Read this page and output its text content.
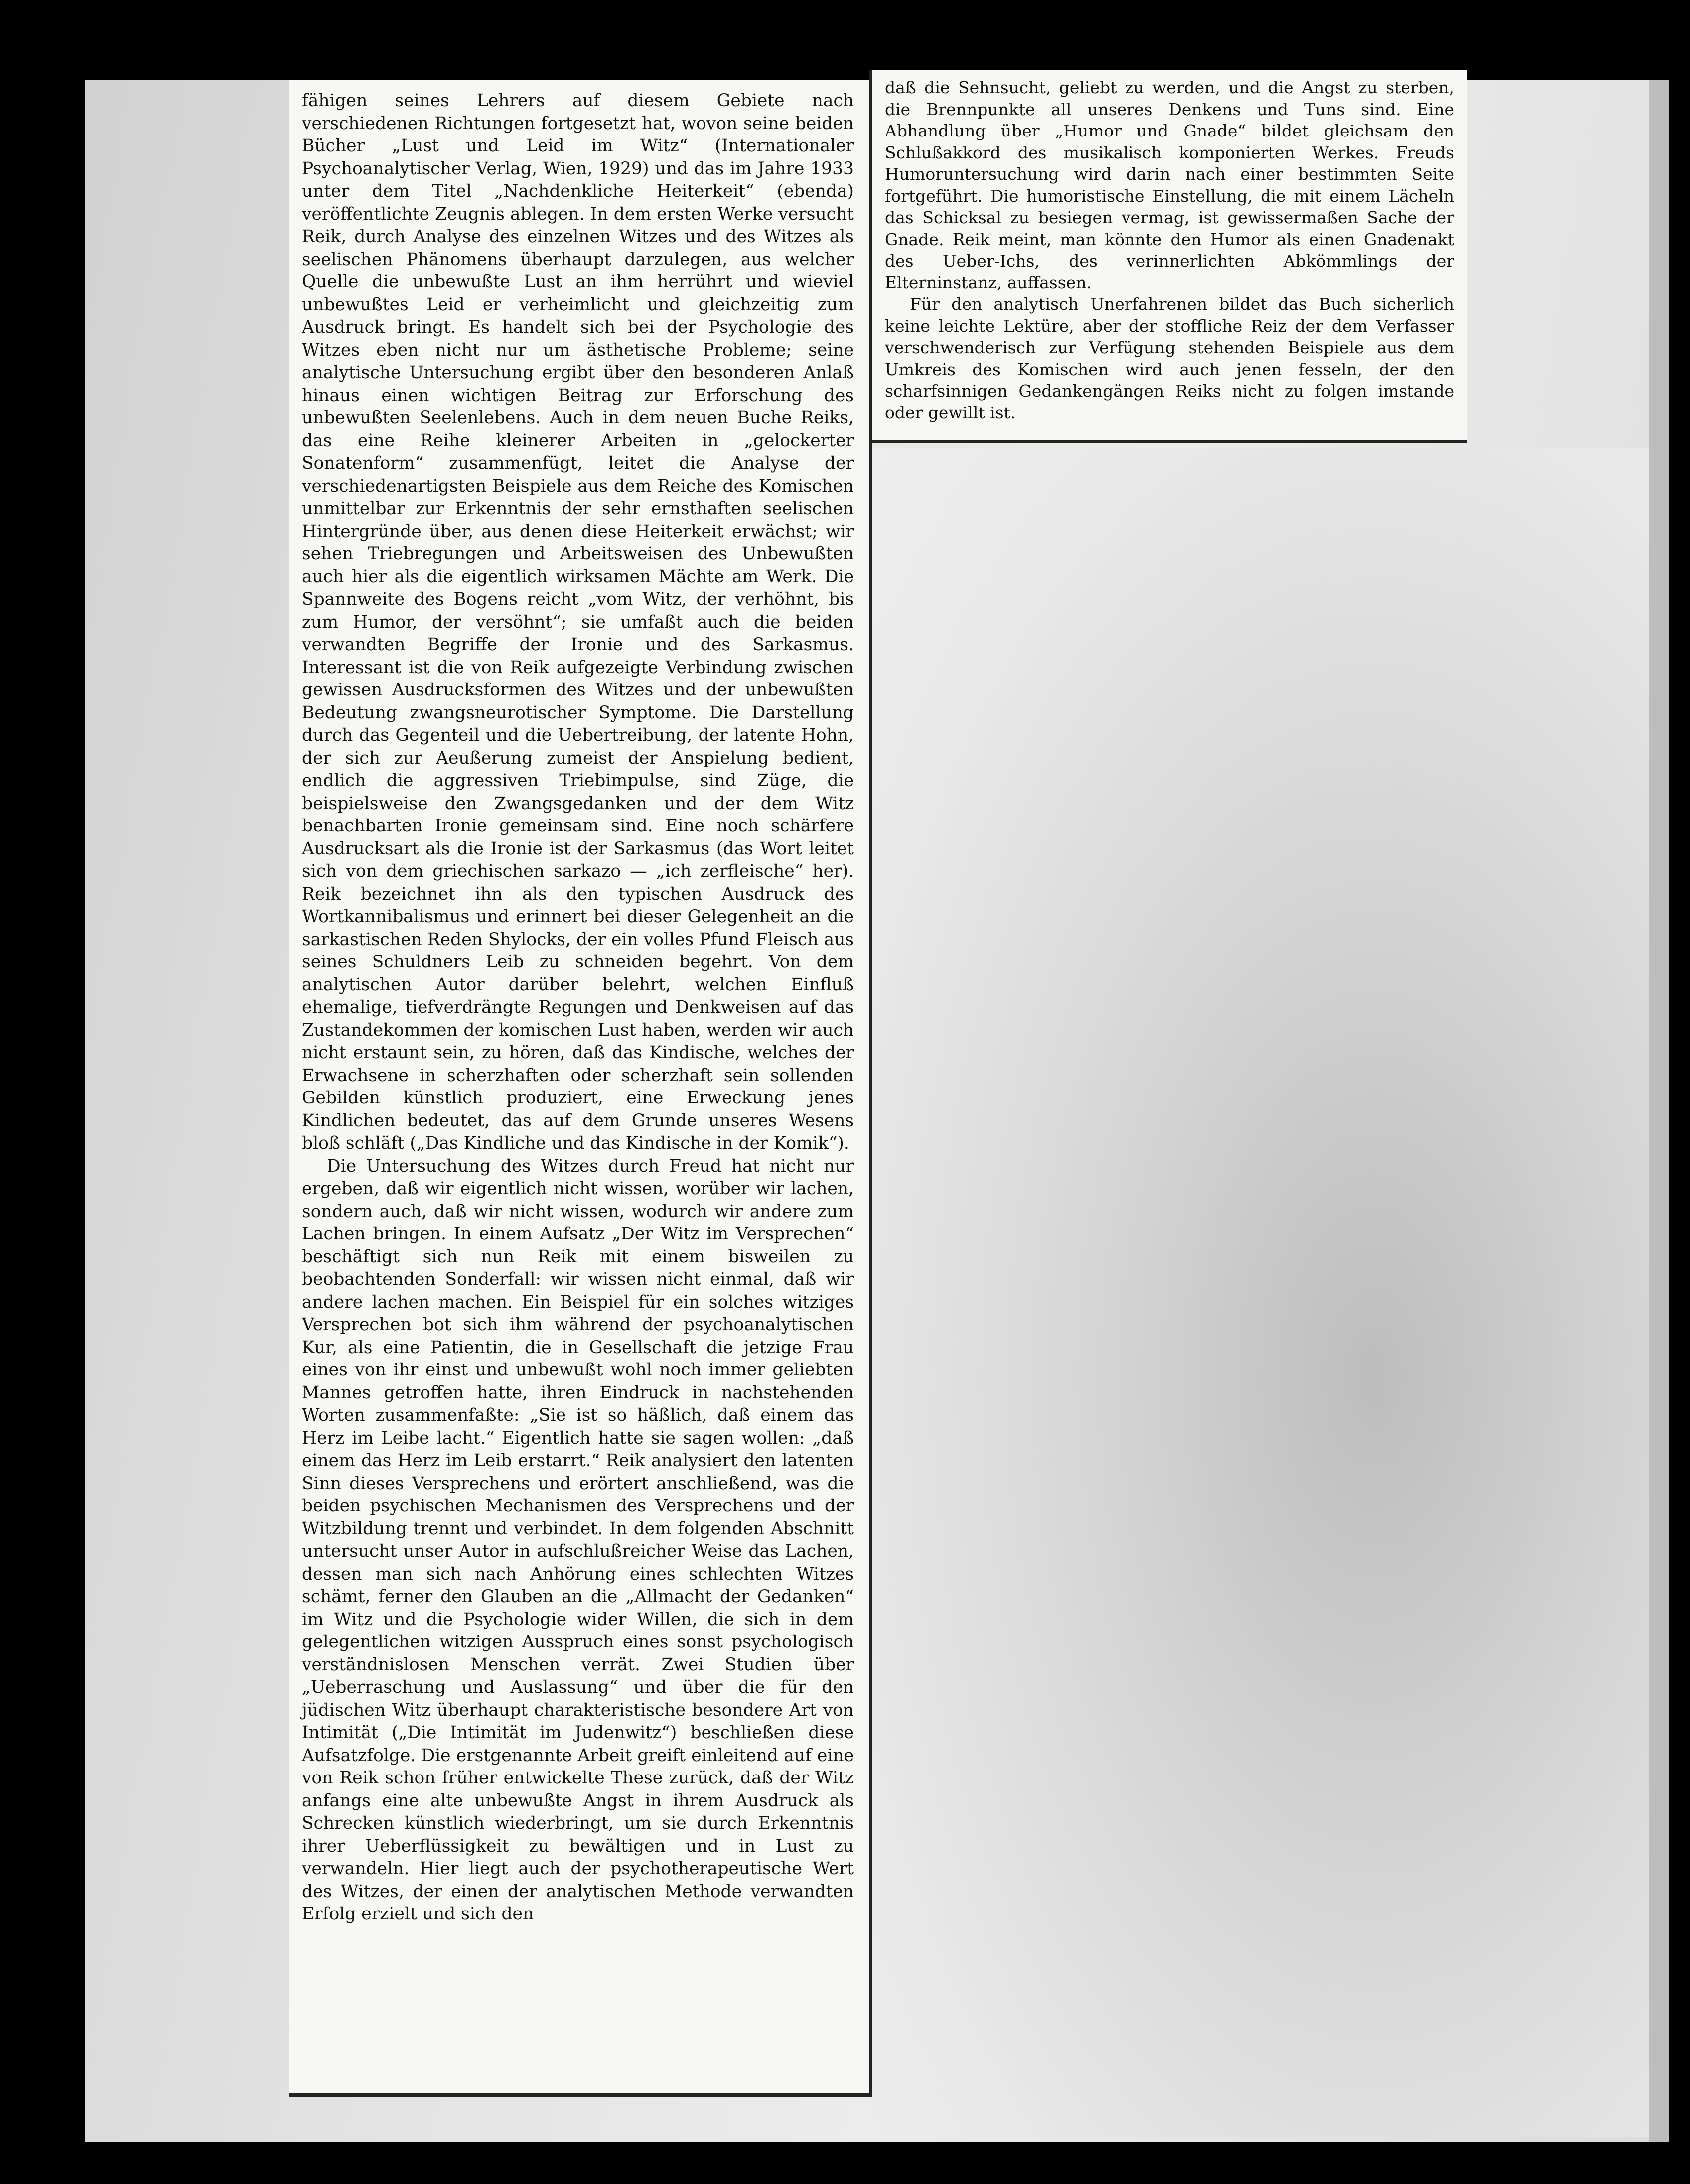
fähigen seines Lehrers auf diesem Gebiete nach verschiedenen Richtungen fortgesetzt hat, wovon seine beiden Bücher „Lust und Leid im Witz“ (Internationaler Psychoanalytischer Verlag, Wien, 1929) und das im Jahre 1933 unter dem Titel „Nachdenkliche Heiterkeit“ (ebenda) veröffentlichte Zeugnis ablegen. In dem ersten Werke versucht Reik, durch Analyse des einzelnen Witzes und des Witzes als seelischen Phänomens überhaupt darzulegen, aus welcher Quelle die unbewußte Lust an ihm herrührt und wieviel unbewußtes Leid er verheimlicht und gleichzeitig zum Ausdruck bringt. Es handelt sich bei der Psychologie des Witzes eben nicht nur um ästhetische Probleme; seine analytische Untersuchung ergibt über den besonderen Anlaß hinaus einen wichtigen Beitrag zur Erforschung des unbewußten Seelenlebens. Auch in dem neuen Buche Reiks, das eine Reihe kleinerer Arbeiten in „gelockerter Sonatenform“ zusammenfügt, leitet die Analyse der verschiedenartigsten Beispiele aus dem Reiche des Komischen unmittelbar zur Erkenntnis der sehr ernsthaften seelischen Hintergründe über, aus denen diese Heiterkeit erwächst; wir sehen Triebregungen und Arbeitsweisen des Unbewußten auch hier als die eigentlich wirksamen Mächte am Werk. Die Spannweite des Bogens reicht „vom Witz, der verhöhnt, bis zum Humor, der versöhnt“; sie umfaßt auch die beiden verwandten Begriffe der Ironie und des Sarkasmus. Interessant ist die von Reik aufgezeigte Verbindung zwischen gewissen Ausdrucksformen des Witzes und der unbewußten Bedeutung zwangsneurotischer Symptome. Die Darstellung durch das Gegenteil und die Uebertreibung, der latente Hohn, der sich zur Aeußerung zumeist der Anspielung bedient, endlich die aggressiven Triebimpulse, sind Züge, die beispielsweise den Zwangsgedanken und der dem Witz benachbarten Ironie gemeinsam sind. Eine noch schärfere Ausdrucksart als die Ironie ist der Sarkasmus (das Wort leitet sich von dem griechischen sarkazo — „ich zerfleische“ her). Reik bezeichnet ihn als den typischen Ausdruck des Wortkannibalismus und erinnert bei dieser Gelegenheit an die sarkastischen Reden Shylocks, der ein volles Pfund Fleisch aus seines Schuldners Leib zu schneiden begehrt. Von dem analytischen Autor darüber belehrt, welchen Einfluß ehemalige, tiefverdrängte Regungen und Denkweisen auf das Zustandekommen der komischen Lust haben, werden wir auch nicht erstaunt sein, zu hören, daß das Kindische, welches der Erwachsene in scherzhaften oder scherzhaft sein sollenden Gebilden künstlich produziert, eine Erweckung jenes Kindlichen bedeutet, das auf dem Grunde unseres Wesens bloß schläft („Das Kindliche und das Kindische in der Komik“).

Die Untersuchung des Witzes durch Freud hat nicht nur ergeben, daß wir eigentlich nicht wissen, worüber wir lachen, sondern auch, daß wir nicht wissen, wodurch wir andere zum Lachen bringen. In einem Aufsatz „Der Witz im Versprechen“ beschäftigt sich nun Reik mit einem bisweilen zu beobachtenden Sonderfall: wir wissen nicht einmal, daß wir andere lachen machen. Ein Beispiel für ein solches witziges Versprechen bot sich ihm während der psychoanalytischen Kur, als eine Patientin, die in Gesellschaft die jetzige Frau eines von ihr einst und unbewußt wohl noch immer geliebten Mannes getroffen hatte, ihren Eindruck in nachstehenden Worten zusammenfaßte: „Sie ist so häßlich, daß einem das Herz im Leibe lacht.“ Eigentlich hatte sie sagen wollen: „daß einem das Herz im Leib erstarrt.“ Reik analysiert den latenten Sinn dieses Versprechens und erörtert anschließend, was die beiden psychischen Mechanismen des Versprechens und der Witzbildung trennt und verbindet. In dem folgenden Abschnitt untersucht unser Autor in aufschlußreicher Weise das Lachen, dessen man sich nach Anhörung eines schlechten Witzes schämt, ferner den Glauben an die „Allmacht der Gedanken“ im Witz und die Psychologie wider Willen, die sich in dem gelegentlichen witzigen Ausspruch eines sonst psychologisch verständnislosen Menschen verrät. Zwei Studien über „Ueberraschung und Auslassung“ und über die für den jüdischen Witz überhaupt charakteristische besondere Art von Intimität („Die Intimität im Judenwitz“) beschließen diese Aufsatzfolge. Die erstgenannte Arbeit greift einleitend auf eine von Reik schon früher entwickelte These zurück, daß der Witz anfangs eine alte unbewußte Angst in ihrem Ausdruck als Schrecken künstlich wiederbringt, um sie durch Erkenntnis ihrer Ueberflüssigkeit zu bewältigen und in Lust zu verwandeln. Hier liegt auch der psychotherapeutische Wert des Witzes, der einen der analytischen Methode verwandten Erfolg erzielt und sich den

daß die Sehnsucht, geliebt zu werden, und die Angst zu sterben, die Brennpunkte all unseres Denkens und Tuns sind. Eine Abhandlung über „Humor und Gnade“ bildet gleichsam den Schlußakkord des musikalisch komponierten Werkes. Freuds Humoruntersuchung wird darin nach einer bestimmten Seite fortgeführt. Die humoristische Einstellung, die mit einem Lächeln das Schicksal zu besiegen vermag, ist gewissermaßen Sache der Gnade. Reik meint, man könnte den Humor als einen Gnadenakt des Ueber-Ichs, des verinnerlichten Abkömmlings der Elterninstanz, auffassen.

Für den analytisch Unerfahrenen bildet das Buch sicherlich keine leichte Lektüre, aber der stoffliche Reiz der dem Verfasser verschwenderisch zur Verfügung stehenden Beispiele aus dem Umkreis des Komischen wird auch jenen fesseln, der den scharfsinnigen Gedankengängen Reiks nicht zu folgen imstande oder gewillt ist.
